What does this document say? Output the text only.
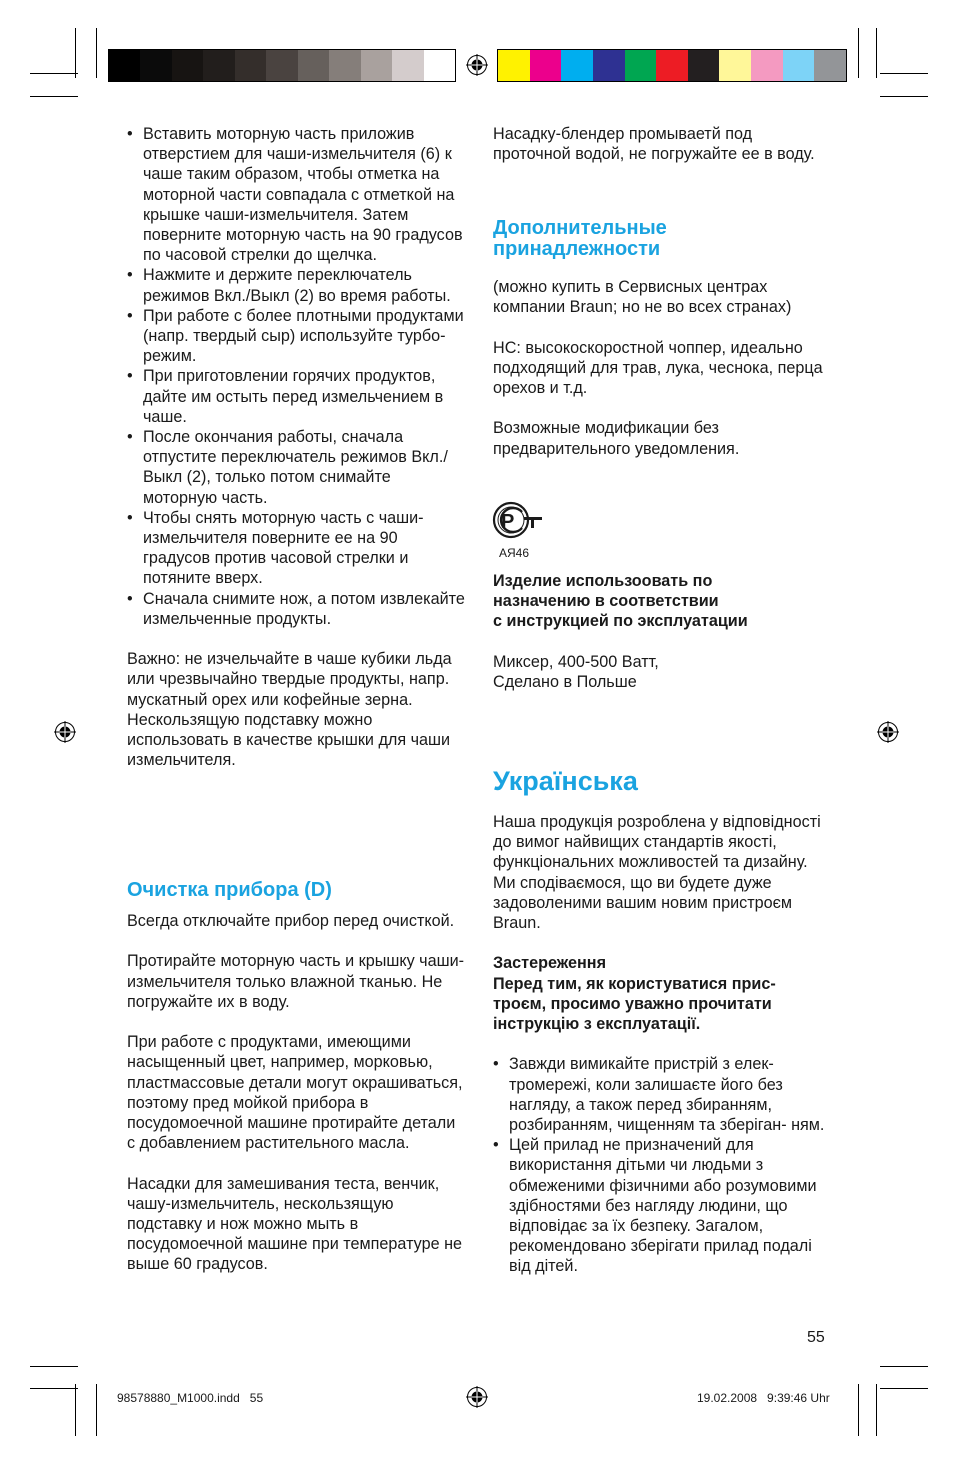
• Вставить моторную часть приложив отверстием для чаши-измельчителя (6) к чаше таким образом, чтобы отметка на моторной части совпадала с отметкой на крышке чаши-измельчителя. Затем поверните моторную часть на 90 градусов по часовой стрелки до щелчка.
• Нажмите и держите переключатель режимов Вкл./Выкл (2) во время работы.
• При работе с более плотными продуктами (напр. твердый сыр) используйте турбо-режим.
• При приготовлении горячих продуктов, дайте им остыть перед измельчением в чаше.
• После окончания работы, сначала отпустите переключатель режимов Вкл./Выкл (2), только потом снимайте моторную часть.
• Чтобы снять моторную часть с чаши-измельчителя поверните ее на 90 градусов против часовой стрелки и потяните вверх.
• Сначала снимите нож, а потом извлекайте измельченные продукты.

Важно: не изчельчайте в чаше кубики льда или чрезвычайно твердые продукты, напр. мускатный орех или кофейные зерна.

Нескользящую подставку можно использовать в качестве крышки для чаши измельчителя.

Очистка прибора (D)

Всегда отключайте прибор перед очисткой.

Протирайте моторную часть и крышку чаши-измельчителя только влажной тканью. Не погружайте их в воду.

При работе с продуктами, имеющими насыщенный цвет, например, морковью, пластмассовые детали могут окрашиваться, поэтому пред мойкой прибора в посудомоечной машине протирайте детали с добавлением растительного масла.

Насадки для замешивания теста, венчик, чашу-измельчитель, нескользящую подставку и нож можно мыть в посудомоечной машине при температуре не выше 60 градусов.

Насадку-блендер промываетй под проточной водой, не погружайте ее в воду.

Дополнительные принадлежности

(можно купить в Сервисных центрах компании Braun; но не во всех странах)

HC: высокоскоростной чоппер, идеально подходящий для трав, лука, чеснока, перца орехов и т.д.

Возможные модификации без предварительного уведомления.

P
АЯ46

Изделие использоовать по

назначению в соответствии

с инструкцией по эксплуатации

Миксер, 400-500 Ватт,

Сделано в Польше

Українська

Наша продукція розроблена у відповідності до вимог найвищих стандартів якості, функціональних можливостей та дизайну. Ми сподіваємося, що ви будете дуже задоволеними вашим новим пристроєм Braun.

Застереження

Перед тим, як користуватися прис- троєм, просимо уважно прочитати інструкцію з експлуатації.

• Завжди вимикайте пристрій з елек- тромережі, коли залишаєте його без нагляду, а також перед збиранням, розбиранням, чищенням та зберіган- ням.
• Цей прилад не призначений для використання дітьми чи людьми з обмеженими фізичними або розумовими здібностями без нагляду людини, що відповідає за їх безпеку. Загалом, рекомендовано зберігати прилад подалі від дітей.
55
98578880_M1000.indd   55	19.02.2008   9:39:46 Uhr
